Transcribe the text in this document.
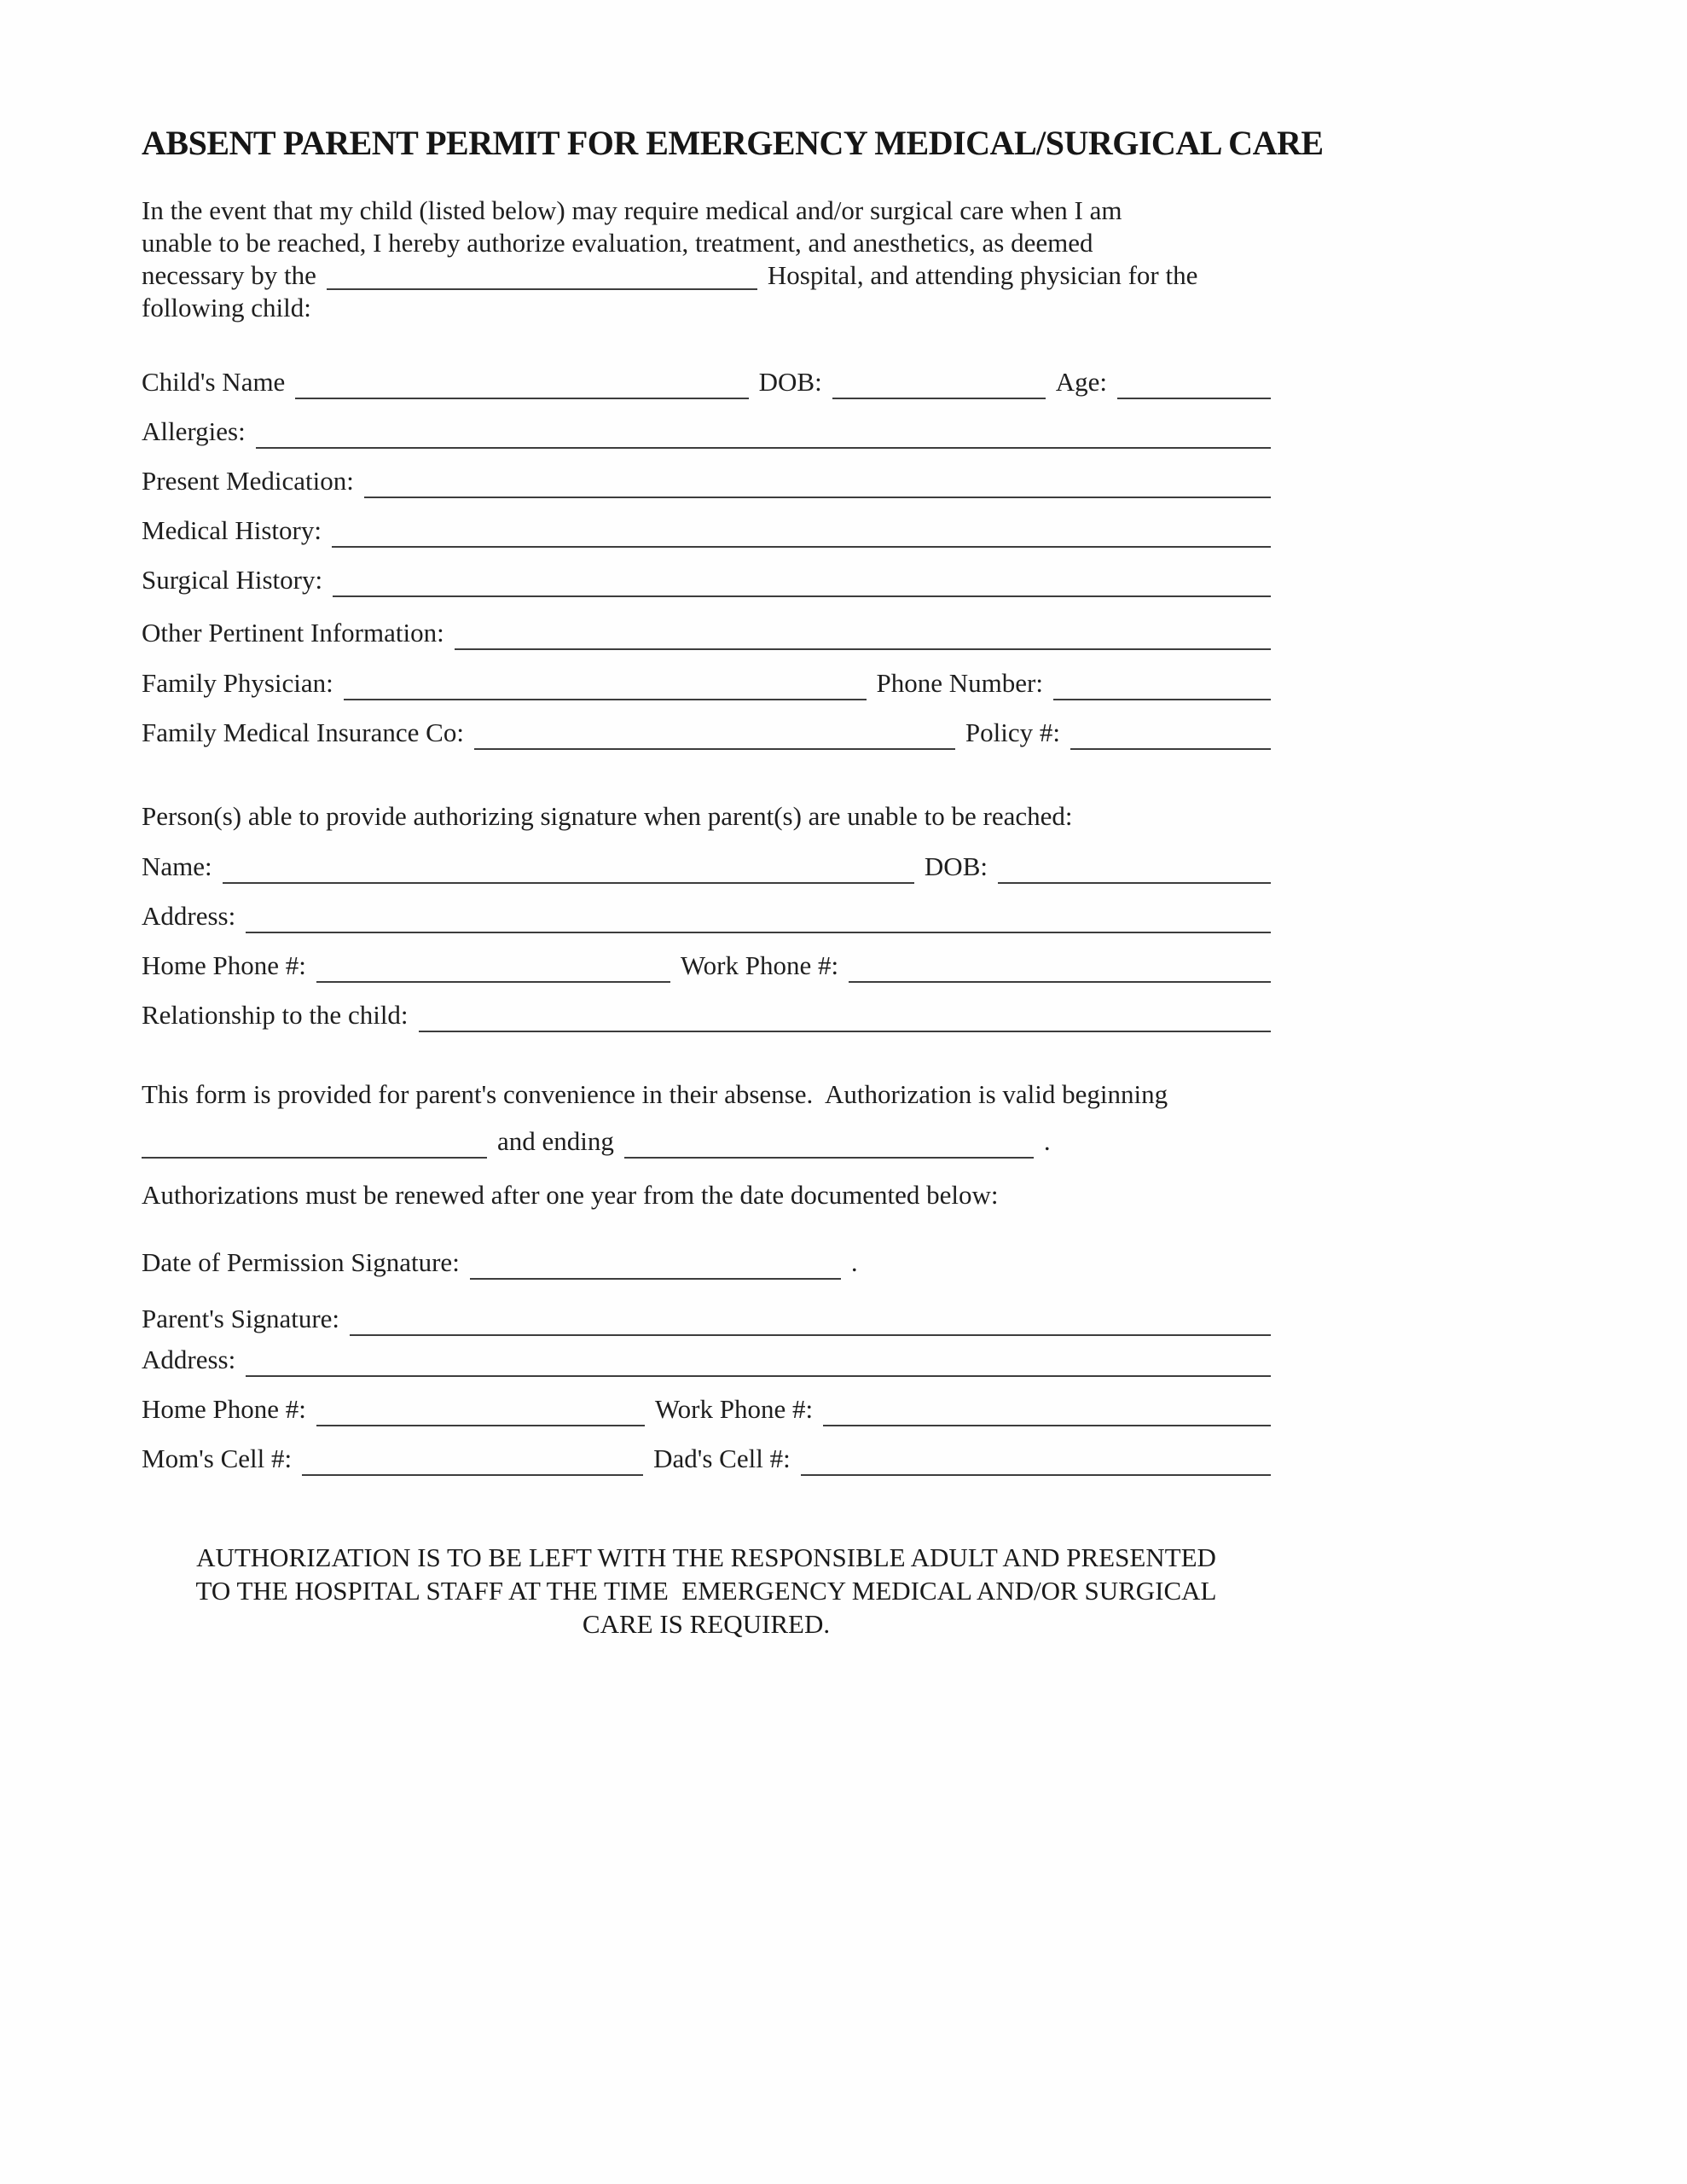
ABSENT PARENT PERMIT FOR EMERGENCY MEDICAL/SURGICAL CARE
In the event that my child (listed below) may require medical and/or surgical care when I am
unable to be reached, I hereby authorize evaluation, treatment, and anesthetics, as deemed
necessary by the	Hospital, and attending physician for the
following child:
Child's Name	DOB:	Age:
Allergies:
Present Medication:
Medical History:
Surgical History:
Other Pertinent Information:
Family Physician:	Phone Number:
Family Medical Insurance Co:	Policy #:
Person(s) able to provide authorizing signature when parent(s) are unable to be reached:
Name:	DOB:
Address:
Home Phone #:	Work Phone #:
Relationship to the child:
This form is provided for parent's convenience in their absense.  Authorization is valid beginning
and ending	.
Authorizations must be renewed after one year from the date documented below:
Date of Permission Signature:	.
Parent's Signature:
Address:
Home Phone #:	Work Phone #:
Mom's Cell #:	Dad's Cell #:
AUTHORIZATION IS TO BE LEFT WITH THE RESPONSIBLE ADULT AND PRESENTED
TO THE HOSPITAL STAFF AT THE TIME  EMERGENCY MEDICAL AND/OR SURGICAL
CARE IS REQUIRED.
